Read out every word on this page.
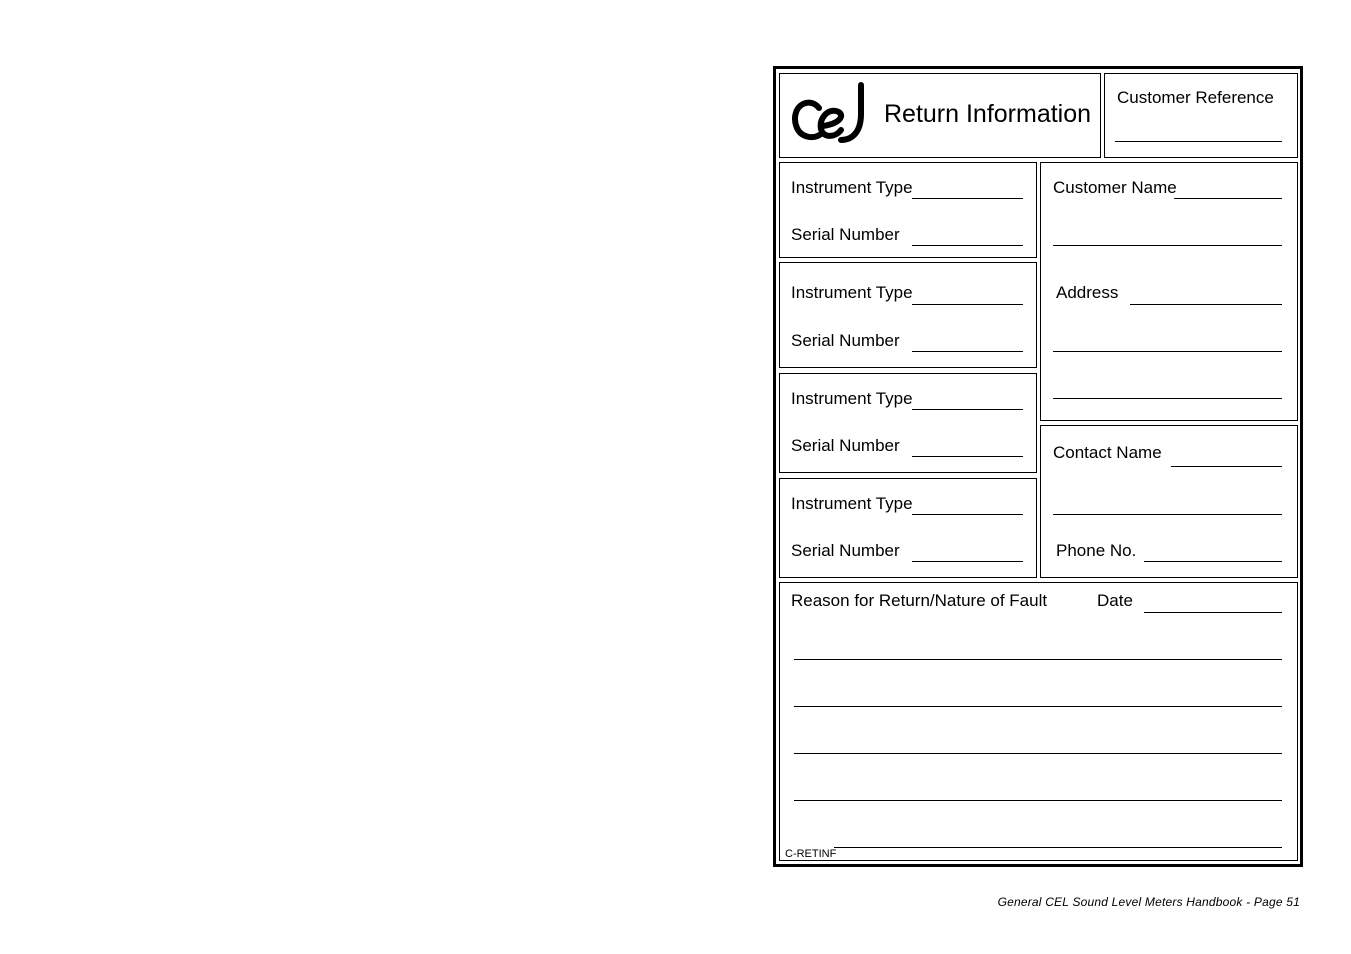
Return Information
Customer Reference
Instrument Type
Serial Number
Instrument Type
Serial Number
Instrument Type
Serial Number
Instrument Type
Serial Number
Customer Name
Address
Contact Name
Phone No.
Reason for Return/Nature of Fault	Date
C-RETINF
General CEL Sound Level Meters Handbook - Page 51
